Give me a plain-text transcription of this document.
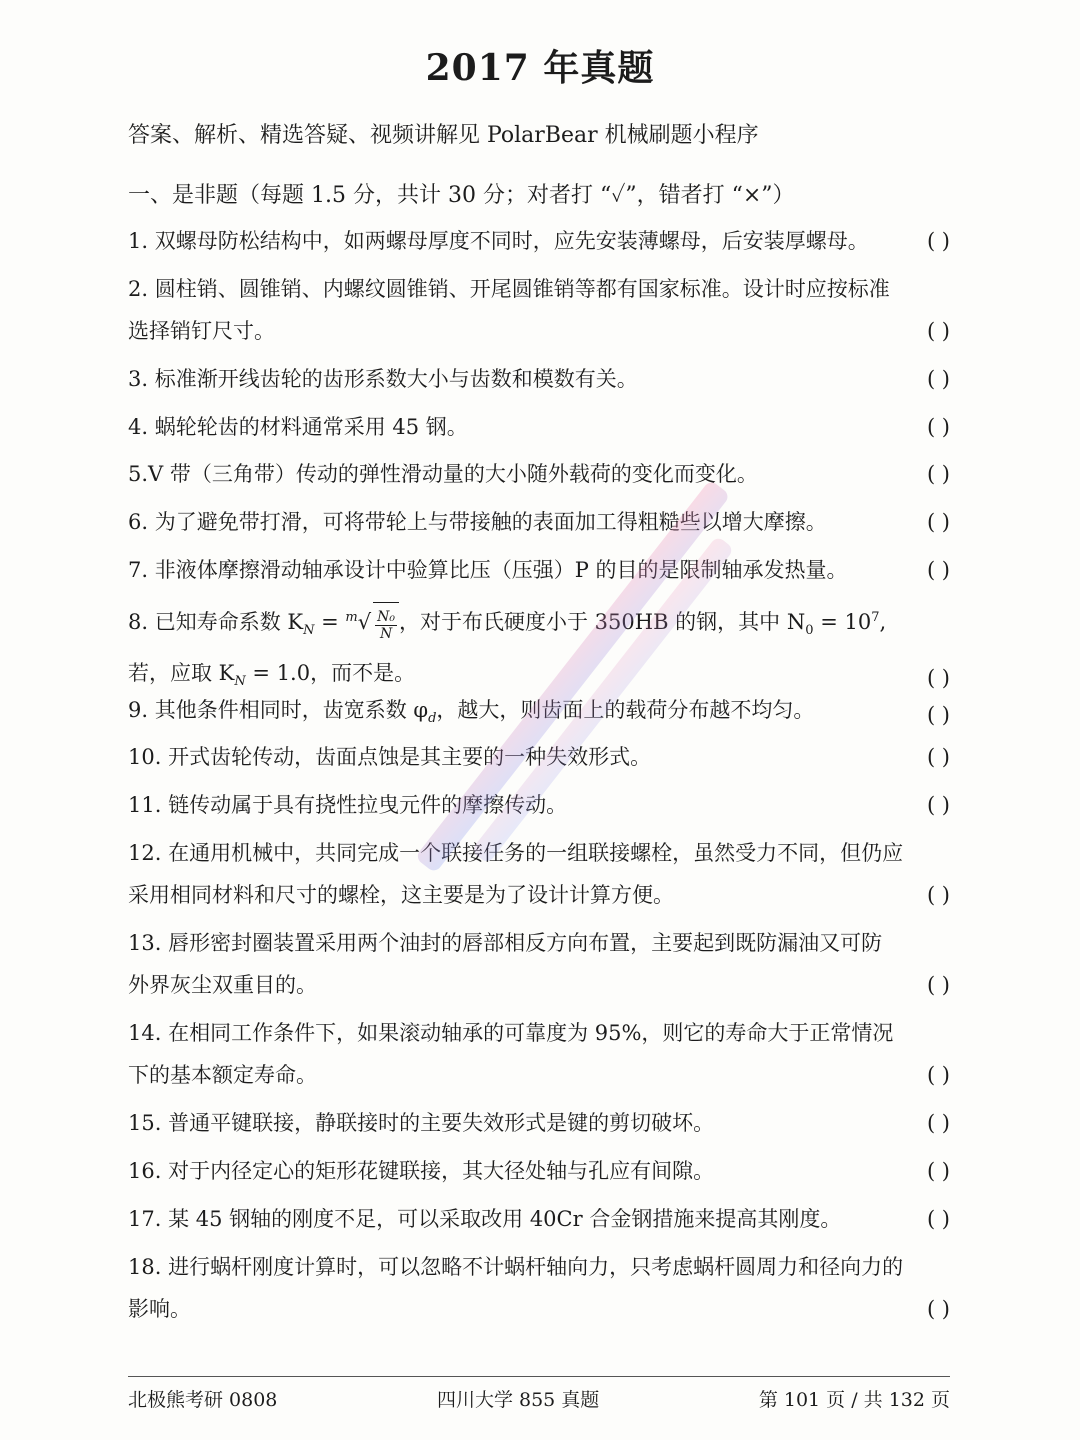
2017 年真题
答案、解析、精选答疑、视频讲解见 PolarBear 机械刷题小程序
一、是非题（每题 1.5 分，共计 30 分；对者打 “✓”，错者打 “×”）
1. 双螺母防松结构中，如两螺母厚度不同时，应先安装薄螺母，后安装厚螺母。	( )
2. 圆柱销、圆锥销、内螺纹圆锥销、开尾圆锥销等都有国家标准。设计时应按标准
选择销钉尺寸。	( )
3. 标准渐开线齿轮的齿形系数大小与齿数和模数有关。	( )
4. 蜗轮轮齿的材料通常采用 45 钢。	( )
5.V 带（三角带）传动的弹性滑动量的大小随外载荷的变化而变化。	( )
6. 为了避免带打滑，可将带轮上与带接触的表面加工得粗糙些以增大摩擦。	( )
7. 非液体摩擦滑动轴承设计中验算比压（压强）P 的目的是限制轴承发热量。	( )
8. 已知寿命系数 $K_N = ^m√ \frac{\text{N₀}}{N}$ ，对于布氏硬度小于 350HB 的钢，其中 $N_0 = 10^7$,
若，应取 $K_N = 1.0$，而不是。	( )
9. 其他条件相同时，齿宽系数 $\varphi_d$，越大，则齿面上的载荷分布越不均匀。	( )
10. 开式齿轮传动，齿面点蚀是其主要的一种失效形式。	( )
11. 链传动属于具有挠性拉曳元件的摩擦传动。	( )
12. 在通用机械中，共同完成一个联接任务的一组联接螺栓，虽然受力不同，但仍应
采用相同材料和尺寸的螺栓，这主要是为了设计计算方便。	( )
13. 唇形密封圈装置采用两个油封的唇部相反方向布置，主要起到既防漏油又可防
外界灰尘双重目的。	( )
14. 在相同工作条件下，如果滚动轴承的可靠度为 95%，则它的寿命大于正常情况
下的基本额定寿命。	( )
15. 普通平键联接，静联接时的主要失效形式是键的剪切破坏。	( )
16. 对于内径定心的矩形花键联接，其大径处轴与孔应有间隙。	( )
17. 某 45 钢轴的刚度不足，可以采取改用 40Cr 合金钢措施来提高其刚度。	( )
18. 进行蜗杆刚度计算时，可以忽略不计蜗杆轴向力，只考虑蜗杆圆周力和径向力的
影响。	( )
北极熊考研 0808	四川大学 855 真题	第 101 页 / 共 132 页
